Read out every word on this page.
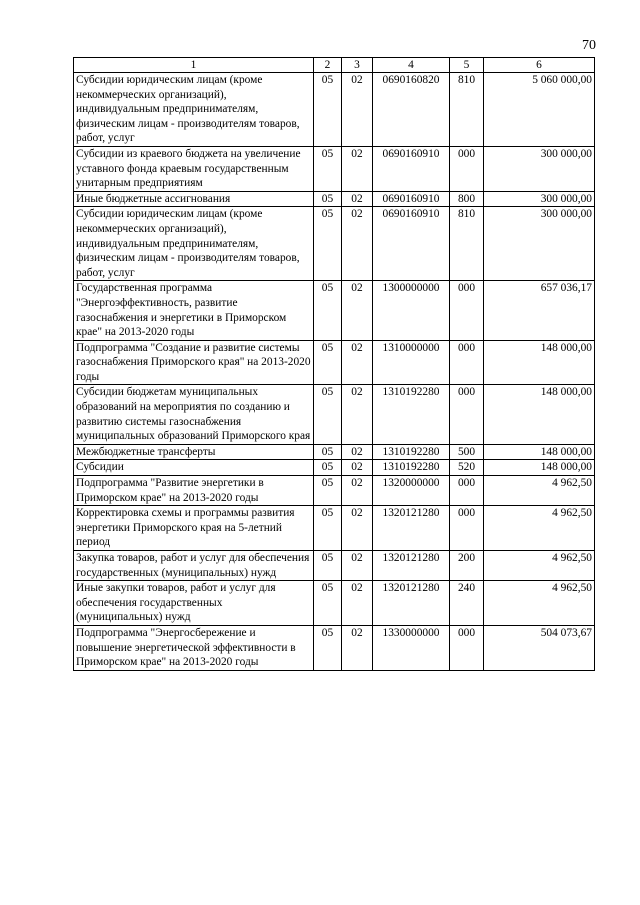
70
1	2	3	4	5	6
Субсидии юридическим лицам (кроме некоммерческих организаций), индивидуальным предпринимателям, физическим лицам - производителям товаров, работ, услуг	05	02	0690160820	810	5 060 000,00
Субсидии из краевого бюджета на увеличение уставного фонда краевым государственным унитарным предприятиям	05	02	0690160910	000	300 000,00
Иные бюджетные ассигнования	05	02	0690160910	800	300 000,00
Субсидии юридическим лицам (кроме некоммерческих организаций), индивидуальным предпринимателям, физическим лицам - производителям товаров, работ, услуг	05	02	0690160910	810	300 000,00
Государственная программа "Энергоэффективность, развитие газоснабжения и энергетики в Приморском крае" на 2013-2020 годы	05	02	1300000000	000	657 036,17
Подпрограмма "Создание и развитие системы газоснабжения Приморского края" на 2013-2020 годы	05	02	1310000000	000	148 000,00
Субсидии бюджетам муниципальных образований на мероприятия по созданию и развитию системы газоснабжения муниципальных образований Приморского края	05	02	1310192280	000	148 000,00
Межбюджетные трансферты	05	02	1310192280	500	148 000,00
Субсидии	05	02	1310192280	520	148 000,00
Подпрограмма "Развитие энергетики в Приморском крае" на 2013-2020 годы	05	02	1320000000	000	4 962,50
Корректировка схемы и программы развития энергетики Приморского края на 5-летний период	05	02	1320121280	000	4 962,50
Закупка товаров, работ и услуг для обеспечения государственных (муниципальных) нужд	05	02	1320121280	200	4 962,50
Иные закупки товаров, работ и услуг для обеспечения государственных (муниципальных) нужд	05	02	1320121280	240	4 962,50
Подпрограмма "Энергосбережение и повышение энергетической эффективности в Приморском крае" на 2013-2020 годы	05	02	1330000000	000	504 073,67
